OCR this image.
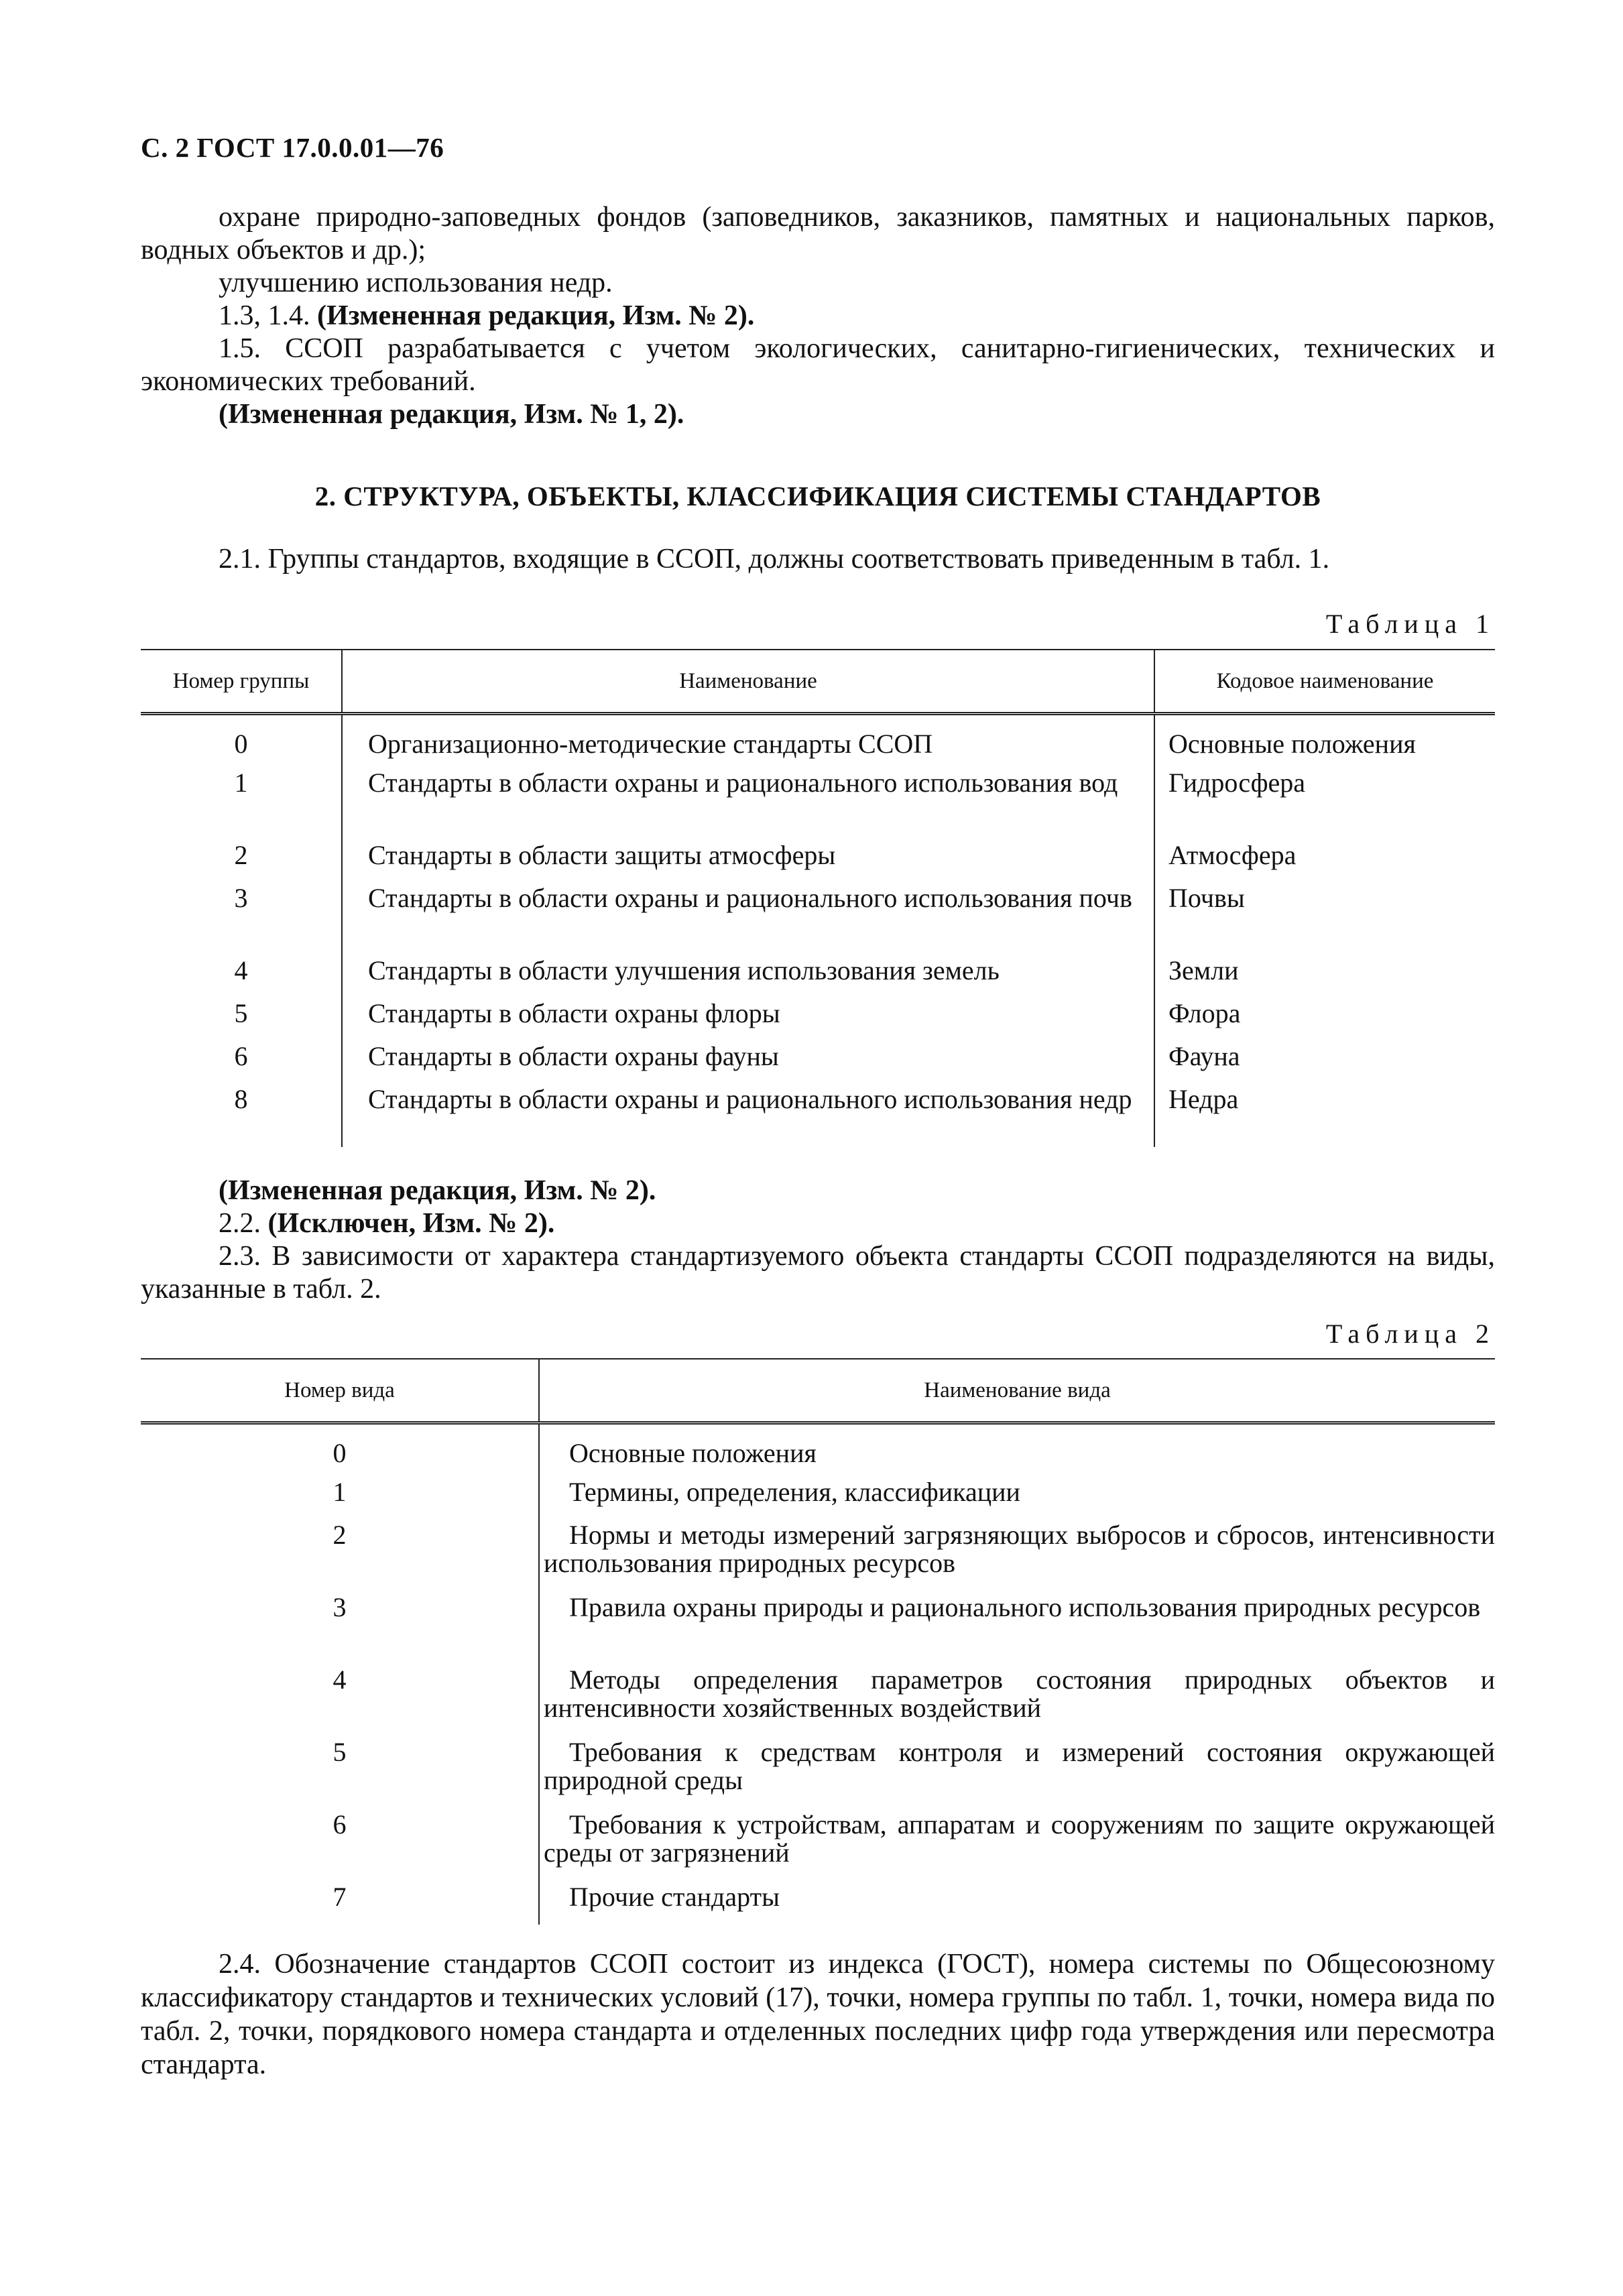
С. 2 ГОСТ 17.0.0.01—76

охране природно-заповедных фондов (заповедников, заказников, памятных и национальных парков, водных объектов и др.);

улучшению использования недр.

1.3, 1.4. (Измененная редакция, Изм. № 2).

1.5. ССОП разрабатывается с учетом экологических, санитарно-гигиенических, технических и экономических требований.

(Измененная редакция, Изм. № 1, 2).

2. СТРУКТУРА, ОБЪЕКТЫ, КЛАССИФИКАЦИЯ СИСТЕМЫ СТАНДАРТОВ

2.1. Группы стандартов, входящие в ССОП, должны соответствовать приведенным в табл. 1.

Таблица 1
Номер группы	Наименование	Кодовое наименование
0	Организационно-методические стандарты ССОП	Основные положения
1	Стандарты в области охраны и рационального использования вод	Гидросфера
2	Стандарты в области защиты атмосферы	Атмосфера
3	Стандарты в области охраны и рационального использования почв	Почвы
4	Стандарты в области улучшения использования земель	Земли
5	Стандарты в области охраны флоры	Флора
6	Стандарты в области охраны фауны	Фауна
8	Стандарты в области охраны и рационального использования недр	Недра

(Измененная редакция, Изм. № 2).

2.2. (Исключен, Изм. № 2).

2.3. В зависимости от характера стандартизуемого объекта стандарты ССОП подразделяются на виды, указанные в табл. 2.

Таблица 2
Номер вида	Наименование вида
0	Основные положения

1	Термины, определения, классификации

2	Нормы и методы измерений загрязняющих выбросов и сбросов, интенсивности использования природных ресурсов

3	Правила охраны природы и рационального использования природных ресурсов

4	Методы определения параметров состояния природных объектов и интенсивности хозяйственных воздействий

5	Требования к средствам контроля и измерений состояния окружающей природной среды

6	Требования к устройствам, аппаратам и сооружениям по защите окружающей среды от загрязнений

7	Прочие стандарты

2.4. Обозначение стандартов ССОП состоит из индекса (ГОСТ), номера системы по Общесоюзному классификатору стандартов и технических условий (17), точки, номера группы по табл. 1, точки, номера вида по табл. 2, точки, порядкового номера стандарта и отделенных последних цифр года утверждения или пересмотра стандарта.
